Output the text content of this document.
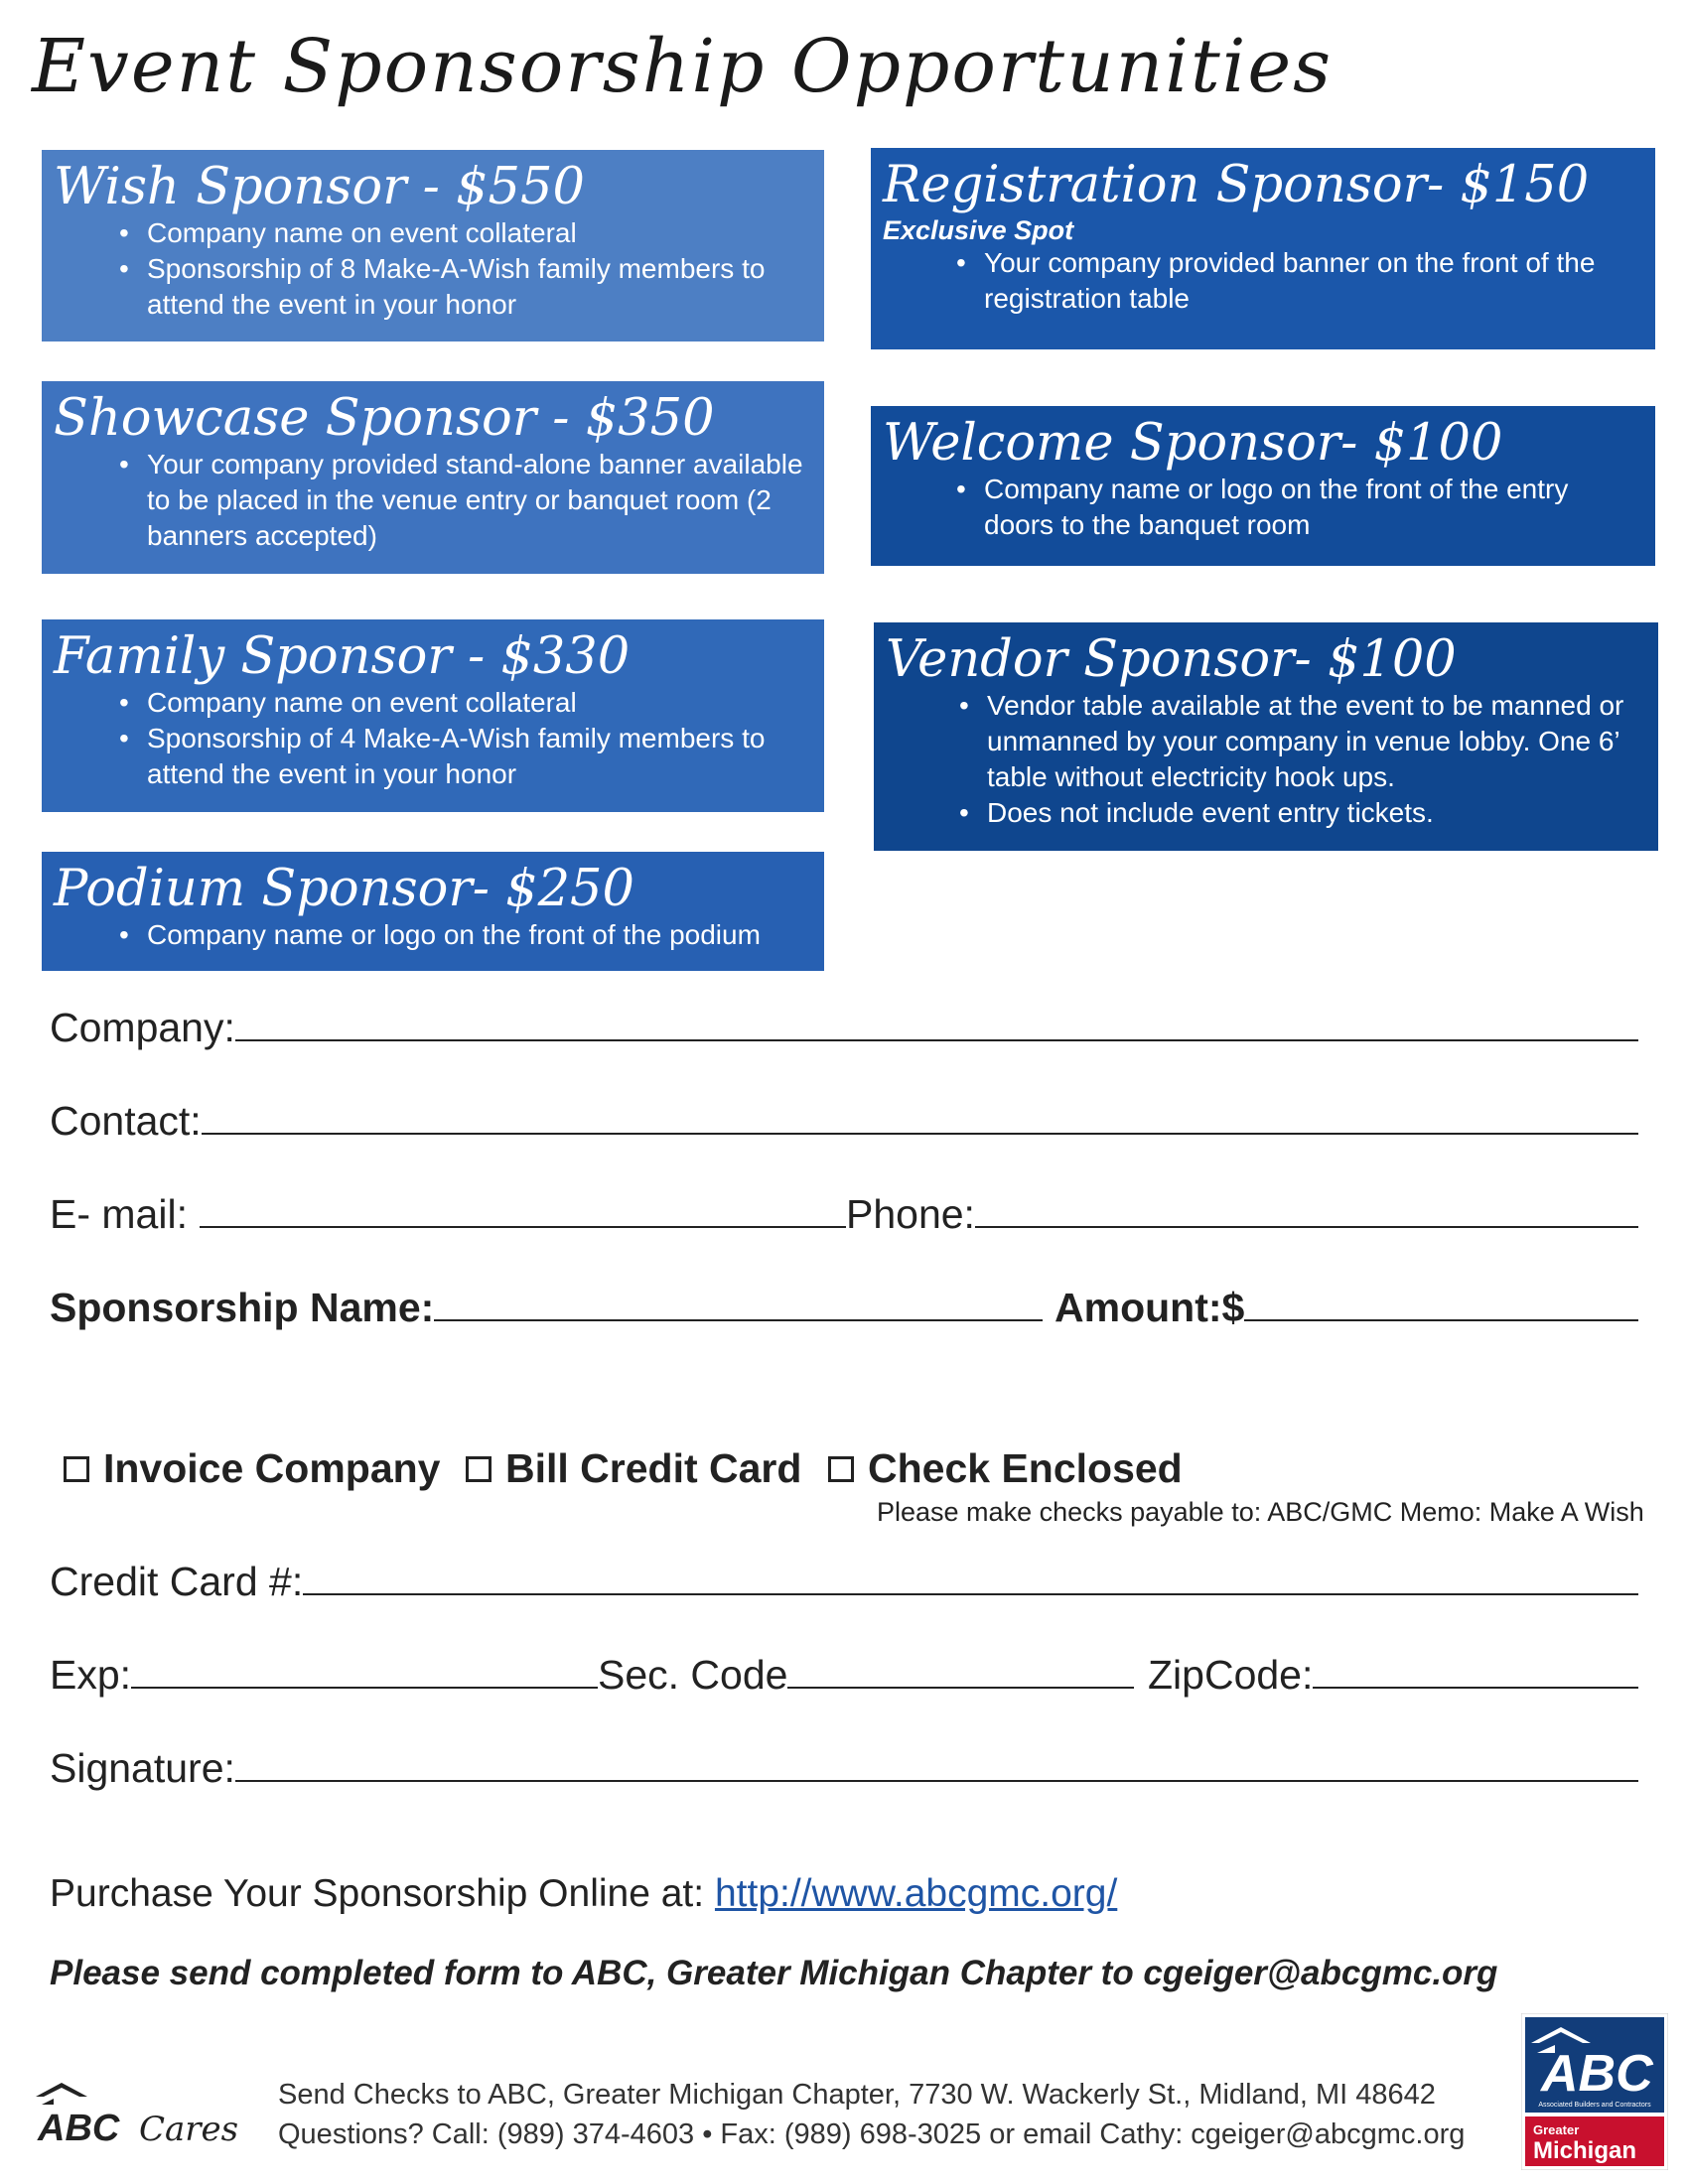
Event Sponsorship Opportunities
Wish Sponsor - $550
• Company name on event collateral
• Sponsorship of 8 Make-A-Wish family members to attend the event in your honor
Showcase Sponsor - $350
• Your company provided stand-alone banner available to be placed in the venue entry or banquet room (2 banners accepted)
Family Sponsor - $330
• Company name on event collateral
• Sponsorship of 4 Make-A-Wish family members to attend the event in your honor
Podium Sponsor- $250
• Company name or logo on the front of the podium
Registration Sponsor- $150
Exclusive Spot
• Your company provided banner on the front of the registration table
Welcome Sponsor- $100
• Company name or logo on the front of the entry doors to the banquet room
Vendor Sponsor- $100
• Vendor table available at the event to be manned or unmanned by your company in venue lobby. One 6’ table without electricity hook ups.
• Does not include event entry tickets.
Company:
Contact:
E- mail:	Phone:
Sponsorship Name:	Amount:$
Invoice Company Bill Credit Card Check Enclosed
Please make checks payable to: ABC/GMC Memo: Make A Wish
Credit Card #:
Exp:	Sec. Code	ZipCode:
Signature:
Purchase Your Sponsorship Online at: http://www.abcgmc.org/
Please send completed form to ABC, Greater Michigan Chapter to cgeiger@abcgmc.org
ABC Cares
Send Checks to ABC, Greater Michigan Chapter, 7730 W. Wackerly St., Midland, MI 48642
Questions? Call: (989) 374-4603 • Fax: (989) 698-3025 or email Cathy: cgeiger@abcgmc.org
ABC
Associated Builders and Contractors
Greater
Michigan
